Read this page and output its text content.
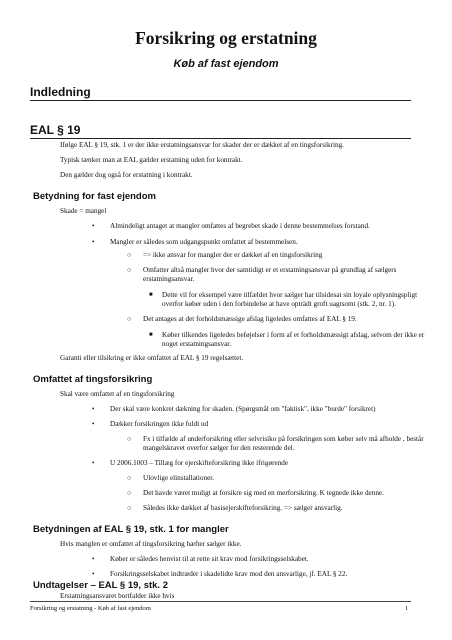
Forsikring og erstatning
Køb af fast ejendom
Indledning
EAL § 19
Ifølge EAL § 19, stk. 1 er der ikke erstatningsansvar for skader der er dækket af en tingsforsikring.
Typisk tænker man at EAL gælder erstatning uden for kontrakt.
Den gælder dog også for erstatning i kontrakt.
Betydning for fast ejendom
Skade = mangel
• Almindeligt antaget at mangler omfattes af begrebet skade i denne bestemmelses forstand.
• Mangler er således som udgangspunkt omfattet af bestemmelsen.
○ => ikke ansvar for mangler der er dækket af en tingsforsikring
○ Omfatter altså mangler hvor der samtidigt er et erstatningsansvar på grundlag af sælgers
erstatningsansvar.
■ Dette vil for eksempel være tilfældet hvor sælger har tilsidesat sin loyale oplysningspligt
overfor køber uden i den forbindelse at have opträdt groft uagtsomt (stk. 2, nr. 1).
○ Det antages at det forholdsmæssige afslag ligeledes omfattes af EAL § 19.
■ Køber tilkendes ligeledes beføjelser i form af et forholdsmæssigt afslag, selvom der ikke er
noget erstatningsansvar.
Garanti eller tilsikring er ikke omfattet af EAL § 19 regelsættet.
Omfattet af tingsforsikring
Skal være omfattet af en tingsforsikring
• Der skal være konkret dækning for skaden. (Spørgsmål om "faktisk", ikke "burde" forsikret)
• Dækker forsikringen ikke fuldt ud
○ Fx i tilfælde af underforsikring eller selvrisiko på forsikringen som køber selv må afholde , består
mangelskravet overfor sælger for den resterende del.
• U 2006.1003 – Tillæg for ejerskifteforsikring ikke ifrigørende
○ Ulovlige elinstallationer.
○ Det havde været muligt at forsikre sig med en merforsikring. K tegnede ikke denne.
○ Således ikke dækket af basisejerskifteforsikring. => sælger ansvarlig.
Betydningen af EAL § 19, stk. 1 for mangler
Hvis manglen er omfattet af tingsforsikring hæfter sælger ikke.
• Køber er således henvist til at rette sit krav mod forsikringsselskabet.
• Forsikringsselskabet indtræder i skadelidte krav mod den ansvarlige, jf. EAL § 22.
Undtagelser – EAL § 19, stk. 2
Forsikring og erstatning - Køb af fast ejendom	1
Erstatningsansvaret bortfalder ikke hvis
